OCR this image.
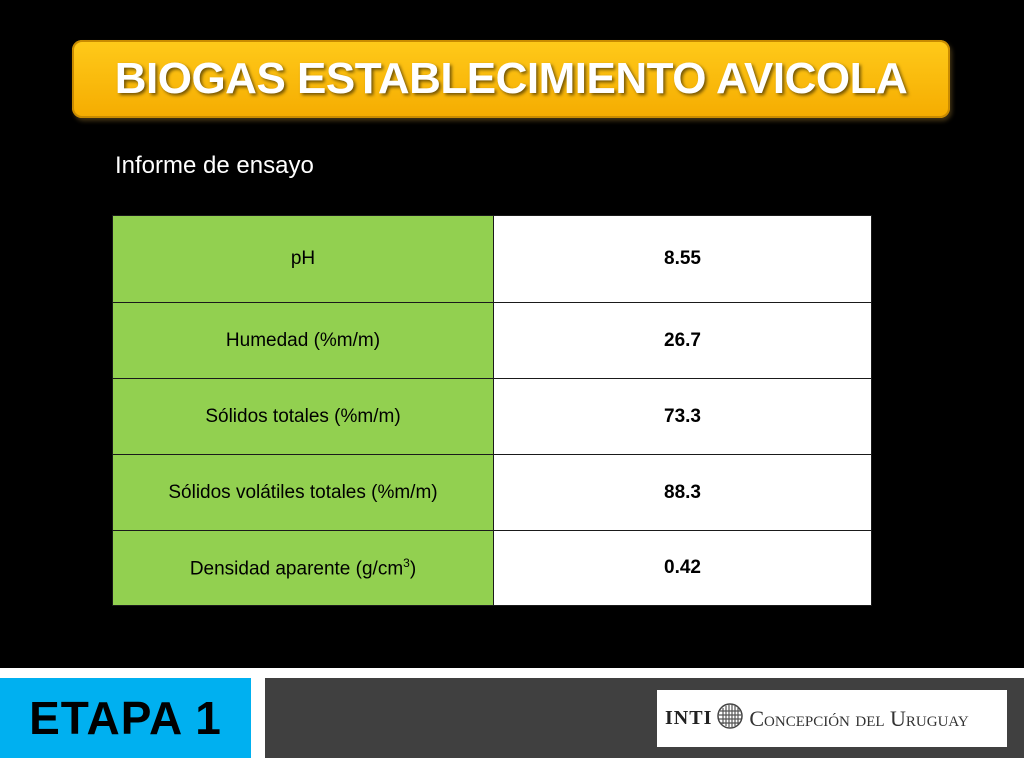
BIOGAS ESTABLECIMIENTO AVICOLA
Informe de ensayo
pH	8.55
Humedad (%m/m)	26.7
Sólidos totales (%m/m)	73.3
Sólidos volátiles totales (%m/m)	88.3
Densidad aparente $(g/cm^3)$	0.42
ETAPA 1	INTI Concepción del Uruguay
